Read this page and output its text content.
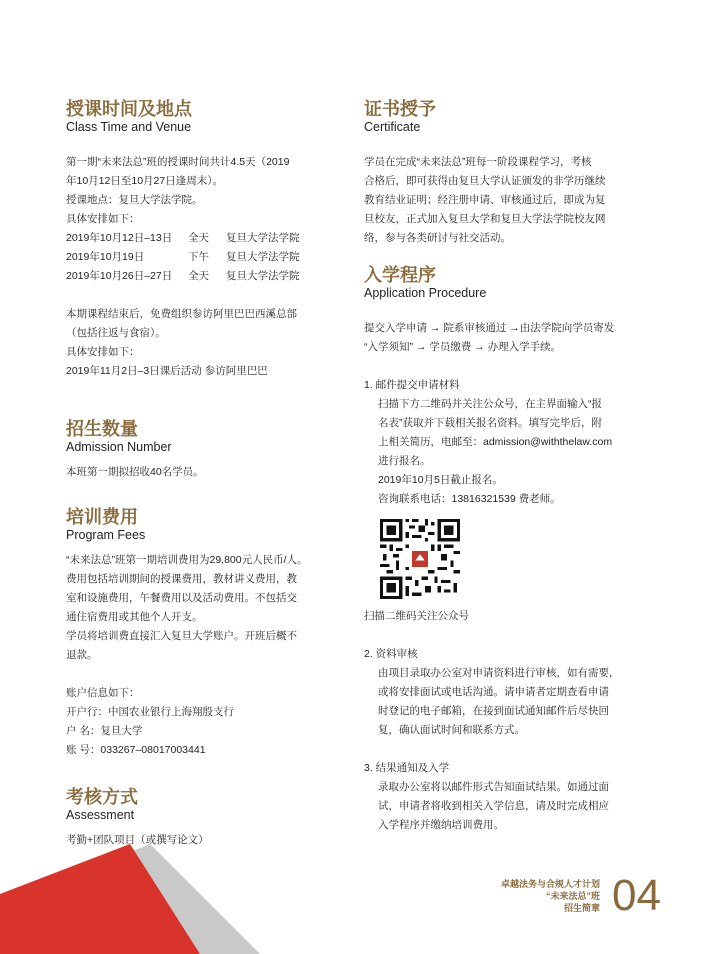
授课时间及地点
Class Time and Venue

第一期“未来法总”班的授课时间共计4.5天（2019

年10月12日至10月27日逢周末）。

授课地点：复旦大学法学院。

具体安排如下：

2019年10月12日–13日	全天	复旦大学法学院
2019年10月19日	下午	复旦大学法学院
2019年10月26日–27日	全天	复旦大学法学院

本期课程结束后，免费组织参访阿里巴巴西溪总部

（包括往返与食宿）。

具体安排如下：

2019年11月2日–3日课后活动 参访阿里巴巴

招生数量
Admission Number
本班第一期拟招收40名学员。
培训费用
Program Fees

“未来法总”班第一期培训费用为29,800元人民币/人。

费用包括培训期间的授课费用，教材讲义费用，教

室和设施费用，午餐费用以及活动费用。不包括交

通住宿费用或其他个人开支。

学员将培训费直接汇入复旦大学账户。开班后概不

退款。

账户信息如下：

开户行：中国农业银行上海翔殷支行

户 名：复旦大学

账 号：033267–08017003441

考核方式
Assessment
考勤+团队项目（或撰写论文）
证书授予
Certificate

学员在完成“未来法总”班每一阶段课程学习，考核

合格后，即可获得由复旦大学认证颁发的非学历继续

教育结业证明；经注册申请、审核通过后，即成为复

旦校友，正式加入复旦大学和复旦大学法学院校友网

络，参与各类研讨与社交活动。

入学程序
Application Procedure

提交入学申请 → 院系审核通过 →由法学院向学员寄发

“入学须知” → 学员缴费 → 办理入学手续。

1. 邮件提交申请材料

扫描下方二维码并关注公众号，在主界面输入“报

名表”获取并下载相关报名资料。填写完毕后，附

上相关简历，电邮至：admission@withthelaw.com

进行报名。

2019年10月5日截止报名。

咨询联系电话：13816321539 费老师。

扫描二维码关注公众号

2. 资料审核

由项目录取办公室对申请资料进行审核，如有需要，

或将安排面试或电话沟通。请申请者定期查看申请

时登记的电子邮箱，在接到面试通知邮件后尽快回

复，确认面试时间和联系方式。

3. 结果通知及入学

录取办公室将以邮件形式告知面试结果。如通过面

试，申请者将收到相关入学信息，请及时完成相应

入学程序并缴纳培训费用。

卓越法务与合规人才计划
“未来法总”班
招生简章 04
